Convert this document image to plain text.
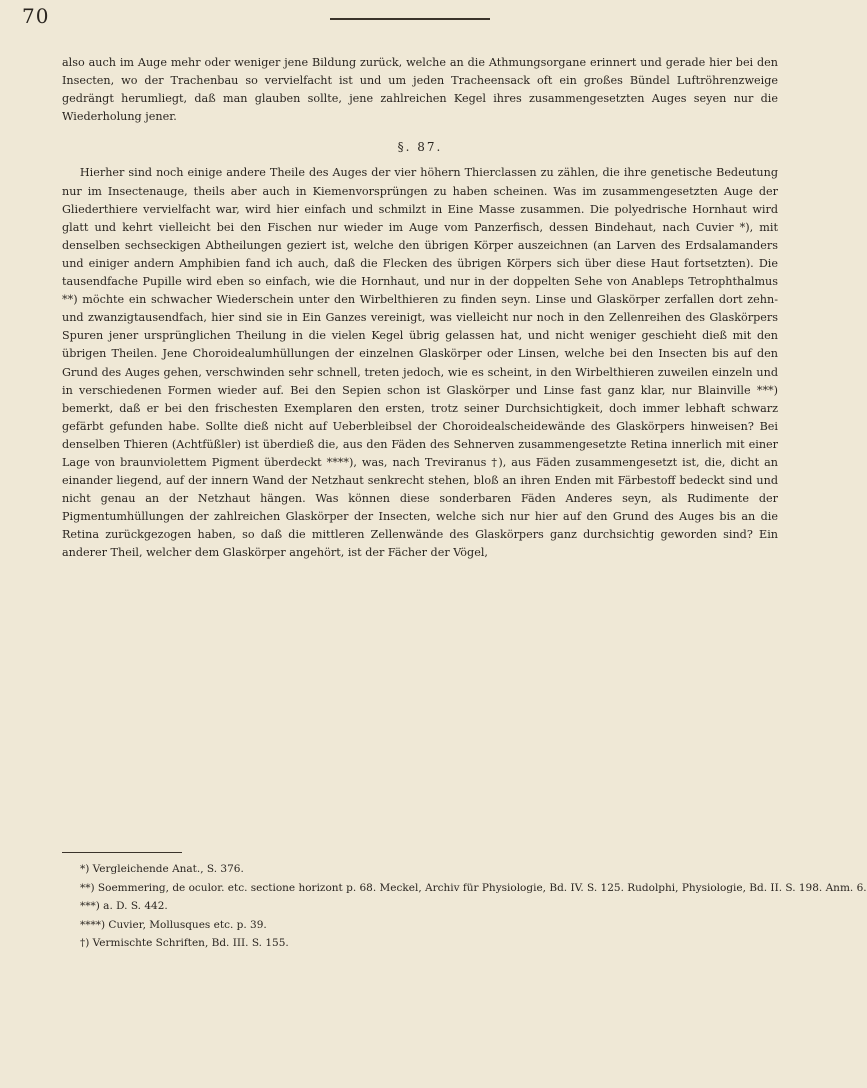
70

also auch im Auge mehr oder weniger jene Bildung zurück, welche an die Athmungsorgane erinnert und gerade hier bei den Insecten, wo der Trachenbau so vervielfacht ist und um jeden Tracheensack oft ein großes Bündel Luftröhrenzweige gedrängt herumliegt, daß man glauben sollte, jene zahlreichen Kegel ihres zusammengesetzten Auges seyen nur die Wiederholung jener.

§. 87.

Hierher sind noch einige andere Theile des Auges der vier höhern Thierclassen zu zählen, die ihre genetische Bedeutung nur im Insectenauge, theils aber auch in Kiemenvorsprüngen zu haben scheinen. Was im zusammengesetzten Auge der Gliederthiere vervielfacht war, wird hier einfach und schmilzt in Eine Masse zusammen. Die polyedrische Hornhaut wird glatt und kehrt vielleicht bei den Fischen nur wieder im Auge vom Panzerfisch, dessen Bindehaut, nach Cuvier *), mit denselben sechseckigen Abtheilungen geziert ist, welche den übrigen Körper auszeichnen (an Larven des Erdsalamanders und einiger andern Amphibien fand ich auch, daß die Flecken des übrigen Körpers sich über diese Haut fortsetzten). Die tausendfache Pupille wird eben so einfach, wie die Hornhaut, und nur in der doppelten Sehe von Anableps Tetrophthalmus **) möchte ein schwacher Wiederschein unter den Wirbelthieren zu finden seyn. Linse und Glaskörper zerfallen dort zehn- und zwanzigtausendfach, hier sind sie in Ein Ganzes vereinigt, was vielleicht nur noch in den Zellenreihen des Glaskörpers Spuren jener ursprünglichen Theilung in die vielen Kegel übrig gelassen hat, und nicht weniger geschieht dieß mit den übrigen Theilen. Jene Choroidealumhüllungen der einzelnen Glaskörper oder Linsen, welche bei den Insecten bis auf den Grund des Auges gehen, verschwinden sehr schnell, treten jedoch, wie es scheint, in den Wirbelthieren zuweilen einzeln und in verschiedenen Formen wieder auf. Bei den Sepien schon ist Glaskörper und Linse fast ganz klar, nur Blainville ***) bemerkt, daß er bei den frischesten Exemplaren den ersten, trotz seiner Durchsichtigkeit, doch immer lebhaft schwarz gefärbt gefunden habe. Sollte dieß nicht auf Ueberbleibsel der Choroidealscheidewände des Glaskörpers hinweisen? Bei denselben Thieren (Achtfüßler) ist überdieß die, aus den Fäden des Sehnerven zusammengesetzte Retina innerlich mit einer Lage von braunviolettem Pigment überdeckt ****), was, nach Treviranus †), aus Fäden zusammengesetzt ist, die, dicht an einander liegend, auf der innern Wand der Netzhaut senkrecht stehen, bloß an ihren Enden mit Färbestoff bedeckt sind und nicht genau an der Netzhaut hängen. Was können diese sonderbaren Fäden Anderes seyn, als Rudimente der Pigmentumhüllungen der zahlreichen Glaskörper der Insecten, welche sich nur hier auf den Grund des Auges bis an die Retina zurückgezogen haben, so daß die mittleren Zellenwände des Glaskörpers ganz durchsichtig geworden sind? Ein anderer Theil, welcher dem Glaskörper angehört, ist der Fächer der Vögel,

*) Vergleichende Anat., S. 376.
**) Soemmering, de oculor. etc. sectione horizont p. 68. Meckel, Archiv für Physiologie, Bd. IV. S. 125. Rudolphi, Physiologie, Bd. II. S. 198. Anm. 6.
***) a. D. S. 442.
****) Cuvier, Mollusques etc. p. 39.
†) Vermischte Schriften, Bd. III. S. 155.
